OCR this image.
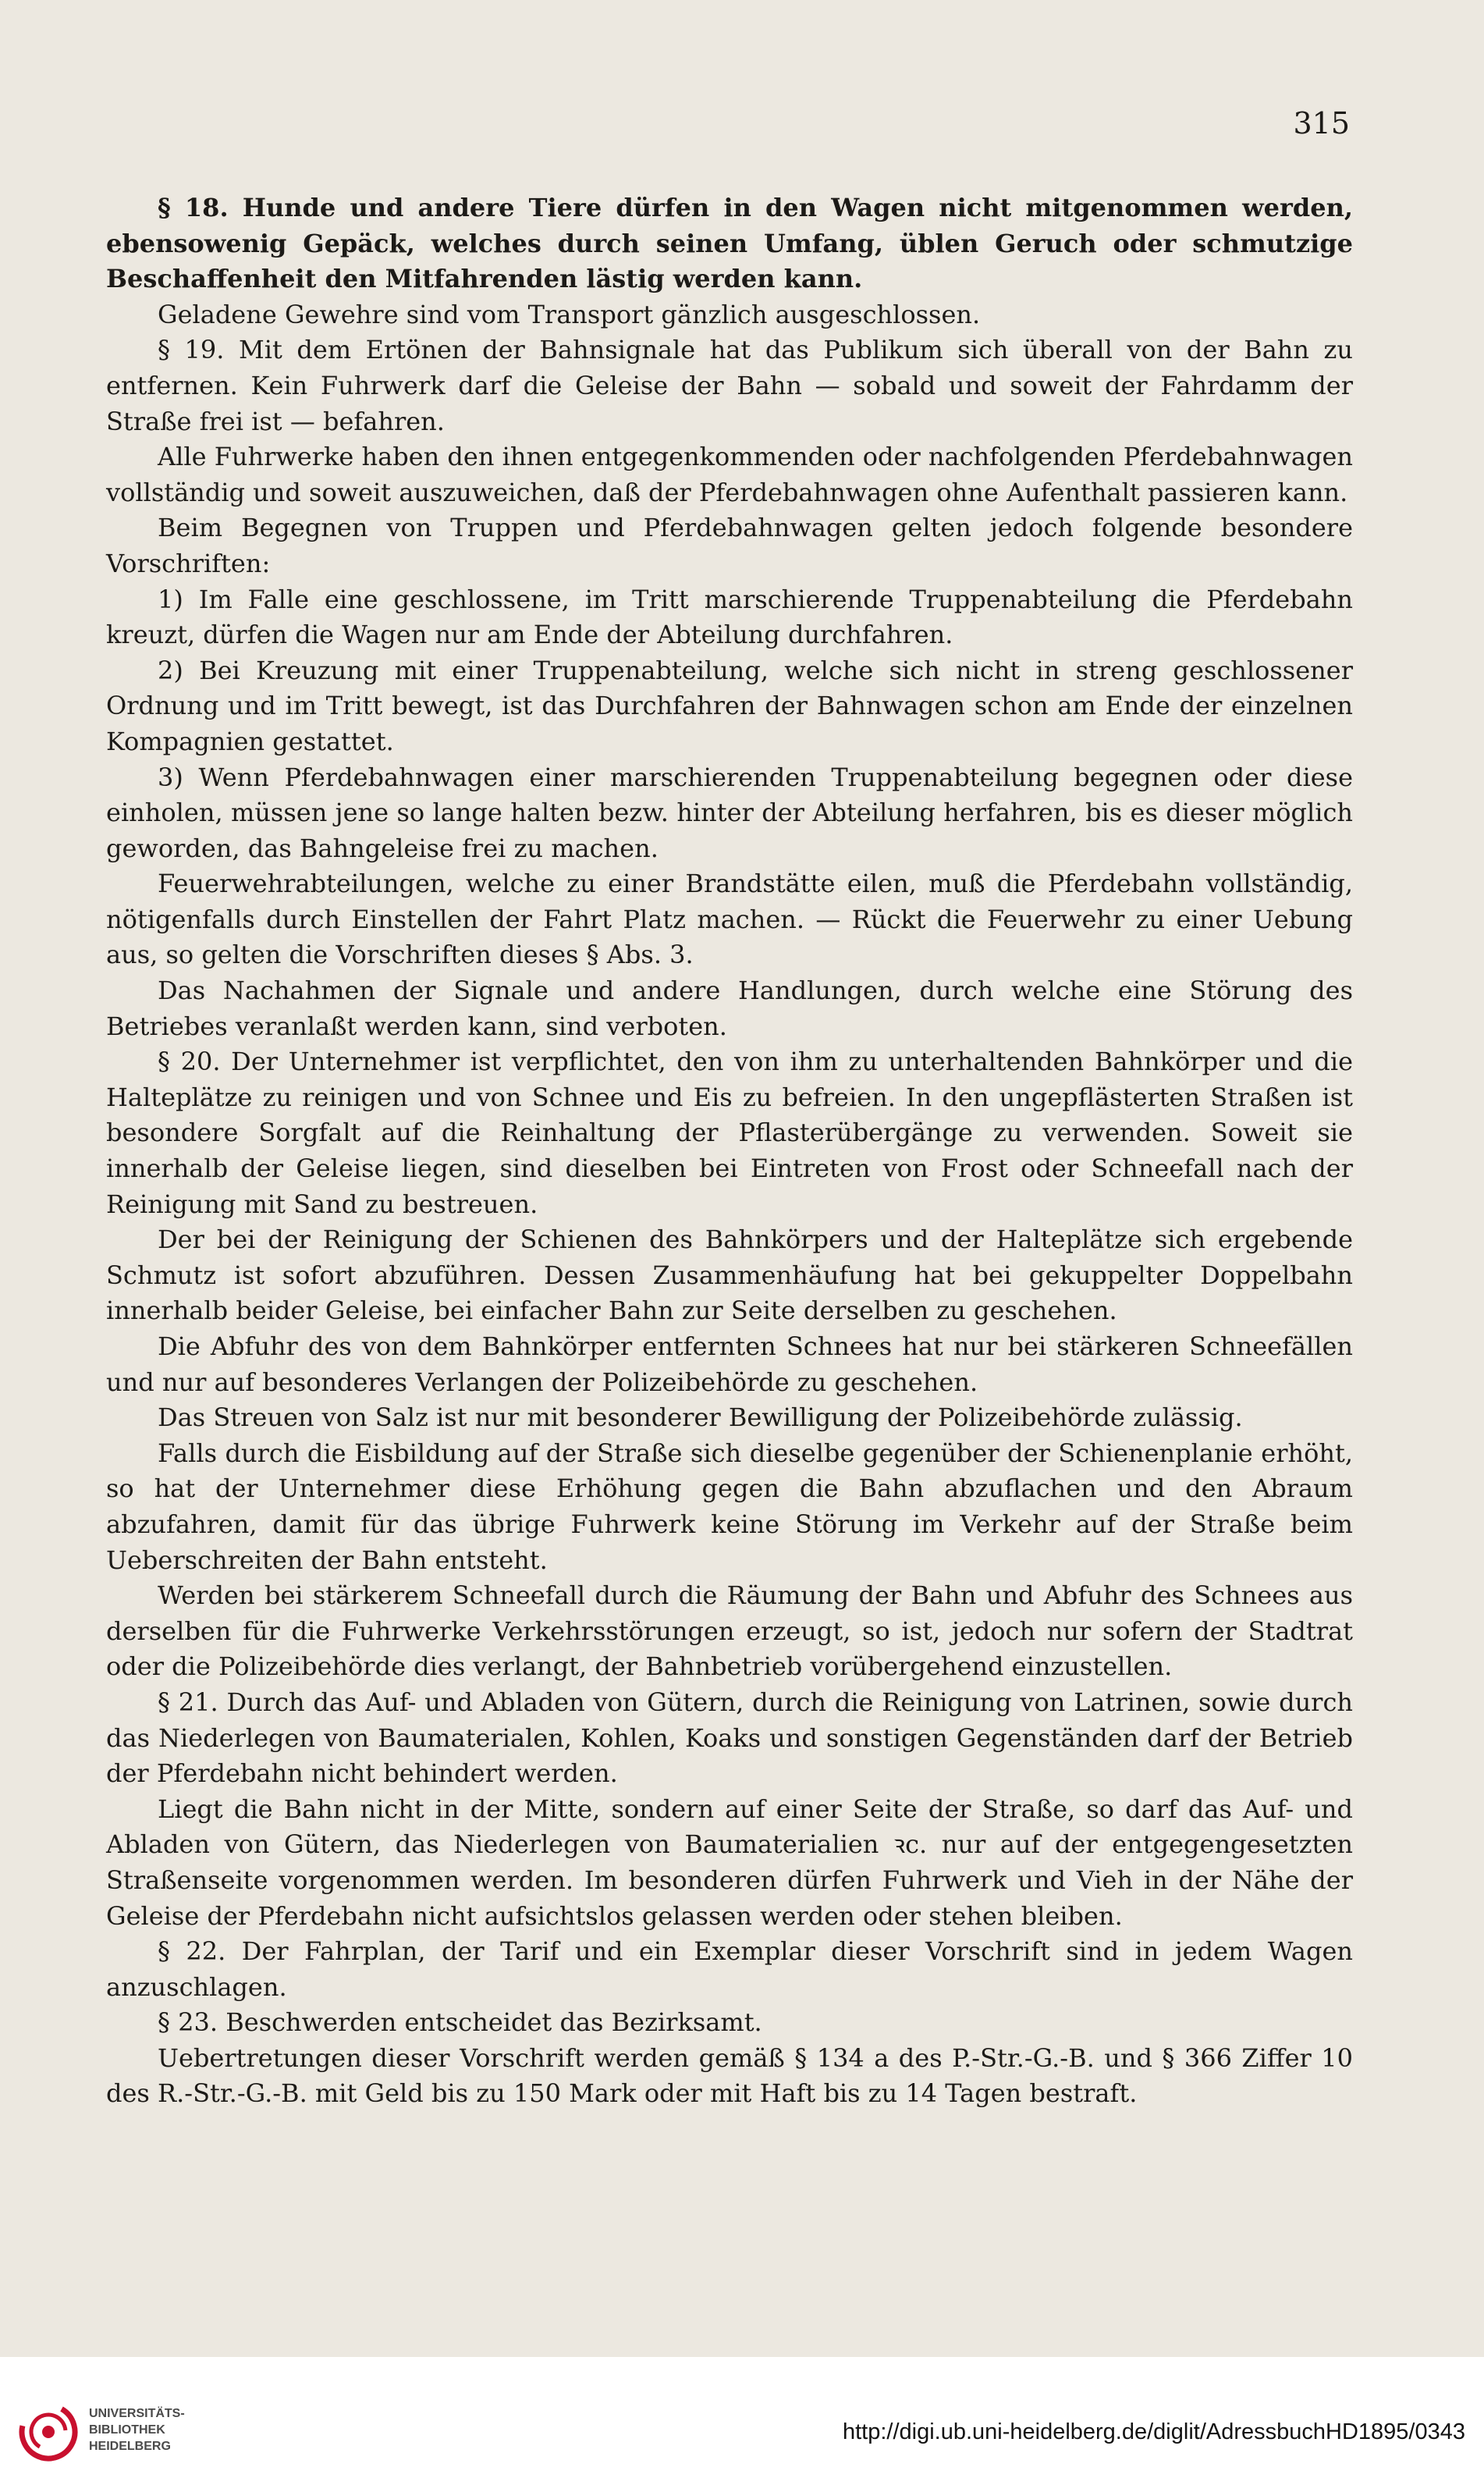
315

§ 18. Hunde und andere Tiere dürfen in den Wagen nicht mitgenommen werden, ebensowenig Gepäck, welches durch seinen Umfang, üblen Geruch oder schmutzige Beschaffenheit den Mitfahrenden lästig werden kann.

Geladene Gewehre sind vom Transport gänzlich ausgeschlossen.

§ 19. Mit dem Ertönen der Bahnsignale hat das Publikum sich überall von der Bahn zu entfernen. Kein Fuhrwerk darf die Geleise der Bahn — sobald und soweit der Fahrdamm der Straße frei ist — befahren.

Alle Fuhrwerke haben den ihnen entgegenkommenden oder nachfolgenden Pferdebahnwagen vollständig und soweit auszuweichen, daß der Pferdebahnwagen ohne Aufenthalt passieren kann.

Beim Begegnen von Truppen und Pferdebahnwagen gelten jedoch folgende besondere Vorschriften:

1) Im Falle eine geschlossene, im Tritt marschierende Truppenabteilung die Pferdebahn kreuzt, dürfen die Wagen nur am Ende der Abteilung durchfahren.

2) Bei Kreuzung mit einer Truppenabteilung, welche sich nicht in streng geschlossener Ordnung und im Tritt bewegt, ist das Durchfahren der Bahnwagen schon am Ende der einzelnen Kompagnien gestattet.

3) Wenn Pferdebahnwagen einer marschierenden Truppenabteilung begegnen oder diese einholen, müssen jene so lange halten bezw. hinter der Abteilung herfahren, bis es dieser möglich geworden, das Bahngeleise frei zu machen.

Feuerwehrabteilungen, welche zu einer Brandstätte eilen, muß die Pferdebahn vollständig, nötigenfalls durch Einstellen der Fahrt Platz machen. — Rückt die Feuerwehr zu einer Uebung aus, so gelten die Vorschriften dieses § Abs. 3.

Das Nachahmen der Signale und andere Handlungen, durch welche eine Störung des Betriebes veranlaßt werden kann, sind verboten.

§ 20. Der Unternehmer ist verpflichtet, den von ihm zu unterhaltenden Bahnkörper und die Halteplätze zu reinigen und von Schnee und Eis zu befreien. In den ungepflästerten Straßen ist besondere Sorgfalt auf die Reinhaltung der Pflasterübergänge zu verwenden. Soweit sie innerhalb der Geleise liegen, sind dieselben bei Eintreten von Frost oder Schneefall nach der Reinigung mit Sand zu bestreuen.

Der bei der Reinigung der Schienen des Bahnkörpers und der Halteplätze sich ergebende Schmutz ist sofort abzuführen. Dessen Zusammenhäufung hat bei gekuppelter Doppelbahn innerhalb beider Geleise, bei einfacher Bahn zur Seite derselben zu geschehen.

Die Abfuhr des von dem Bahnkörper entfernten Schnees hat nur bei stärkeren Schneefällen und nur auf besonderes Verlangen der Polizeibehörde zu geschehen.

Das Streuen von Salz ist nur mit besonderer Bewilligung der Polizeibehörde zulässig.

Falls durch die Eisbildung auf der Straße sich dieselbe gegenüber der Schienenplanie erhöht, so hat der Unternehmer diese Erhöhung gegen die Bahn abzuflachen und den Abraum abzufahren, damit für das übrige Fuhrwerk keine Störung im Verkehr auf der Straße beim Ueberschreiten der Bahn entsteht.

Werden bei stärkerem Schneefall durch die Räumung der Bahn und Abfuhr des Schnees aus derselben für die Fuhrwerke Verkehrsstörungen erzeugt, so ist, jedoch nur sofern der Stadtrat oder die Polizeibehörde dies verlangt, der Bahnbetrieb vorübergehend einzustellen.

§ 21. Durch das Auf- und Abladen von Gütern, durch die Reinigung von Latrinen, sowie durch das Niederlegen von Baumaterialen, Kohlen, Koaks und sonstigen Gegenständen darf der Betrieb der Pferdebahn nicht behindert werden.

Liegt die Bahn nicht in der Mitte, sondern auf einer Seite der Straße, so darf das Auf- und Abladen von Gütern, das Niederlegen von Baumaterialien ꝛc. nur auf der entgegengesetzten Straßenseite vorgenommen werden. Im besonderen dürfen Fuhrwerk und Vieh in der Nähe der Geleise der Pferdebahn nicht aufsichtslos gelassen werden oder stehen bleiben.

§ 22. Der Fahrplan, der Tarif und ein Exemplar dieser Vorschrift sind in jedem Wagen anzuschlagen.

§ 23. Beschwerden entscheidet das Bezirksamt.

Uebertretungen dieser Vorschrift werden gemäß § 134 a des P.-Str.-G.-B. und § 366 Ziffer 10 des R.-Str.-G.-B. mit Geld bis zu 150 Mark oder mit Haft bis zu 14 Tagen bestraft.

UNIVERSITÄTS-
BIBLIOTHEK
HEIDELBERG

http://digi.ub.uni-heidelberg.de/diglit/AdressbuchHD1895/0343
